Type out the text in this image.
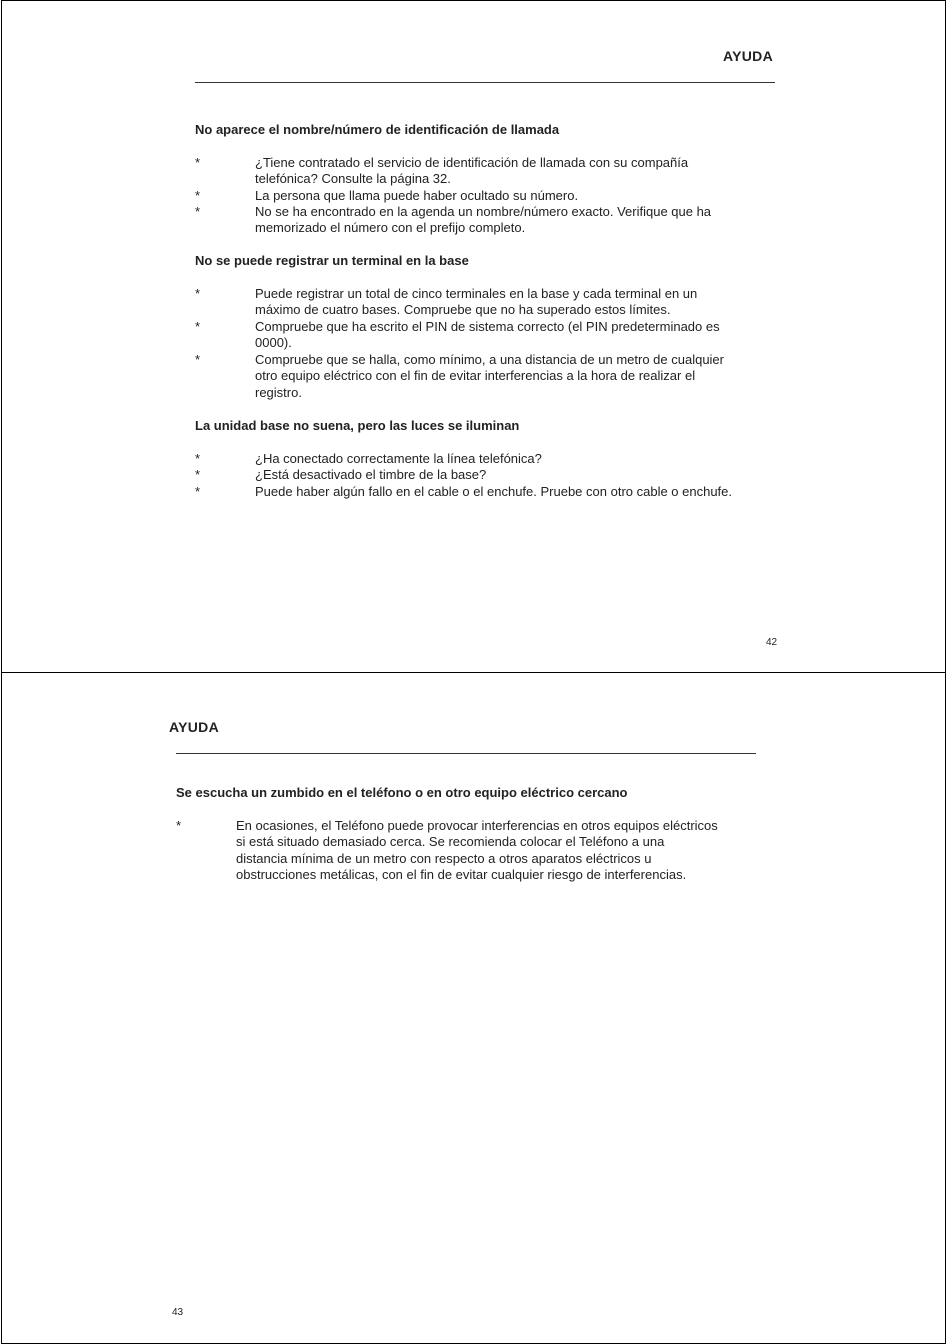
AYUDA
No aparece el nombre/número de identificación de llamada
*	¿Tiene contratado el servicio de identificación de llamada con su compañía
telefónica? Consulte la página 32.
*	La persona que llama puede haber ocultado su número.
*	No se ha encontrado en la agenda un nombre/número exacto. Verifique que ha
memorizado el número con el prefijo completo.
No se puede registrar un terminal en la base
*	Puede registrar un total de cinco terminales en la base y cada terminal en un
máximo de cuatro bases. Compruebe que no ha superado estos límites.
*	Compruebe que ha escrito el PIN de sistema correcto (el PIN predeterminado es
0000).
*	Compruebe que se halla, como mínimo, a una distancia de un metro de cualquier
otro equipo eléctrico con el fin de evitar interferencias a la hora de realizar el
registro.
La unidad base no suena, pero las luces se iluminan
*	¿Ha conectado correctamente la línea telefónica?
*	¿Está desactivado el timbre de la base?
*	Puede haber algún fallo en el cable o el enchufe. Pruebe con otro cable o enchufe.
42
AYUDA
Se escucha un zumbido en el teléfono o en otro equipo eléctrico cercano
*	En ocasiones, el Teléfono puede provocar interferencias en otros equipos eléctricos
si está situado demasiado cerca. Se recomienda colocar el Teléfono a una
distancia mínima de un metro con respecto a otros aparatos eléctricos u
obstrucciones metálicas, con el fin de evitar cualquier riesgo de interferencias.
43
